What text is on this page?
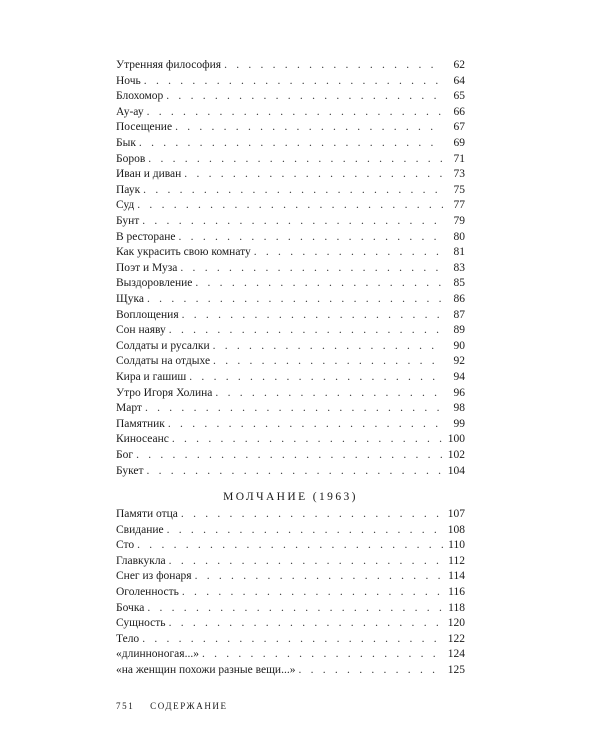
Утренняя философия . . .	62
Ночь . . .	64
Блохомор . . .	65
Ау-ау . . .	66
Посещение . . .	67
Бык . . .	69
Боров . . .	71
Иван и диван . . .	73
Паук . . .	75
Суд . . .	77
Бунт . . .	79
В ресторане . . .	80
Как украсить свою комнату . . .	81
Поэт и Муза . . .	83
Выздоровление . . .	85
Щука . . .	86
Воплощения . . .	87
Сон наяву . . .	89
Солдаты и русалки . . .	90
Солдаты на отдыхе . . .	92
Кира и гашиш . . .	94
Утро Игоря Холина . . .	96
Март . . .	98
Памятник . . .	99
Киносеанс . . .	100
Бог . . .	102
Букет . . .	104
Памяти отца . . .	107
Свидание . . .	108
Сто . . .	110
Главкукла . . .	112
Снег из фонаря . . .	114
Оголенность . . .	116
Бочка . . .	118
Сущность . . .	120
Тело . . .	122
«длинноногая...» . . .	124
«на женщин похожи разные вещи...» . . .	125
МОЛЧАНИЕ (1963)
751 СОДЕРЖАНИЕ
